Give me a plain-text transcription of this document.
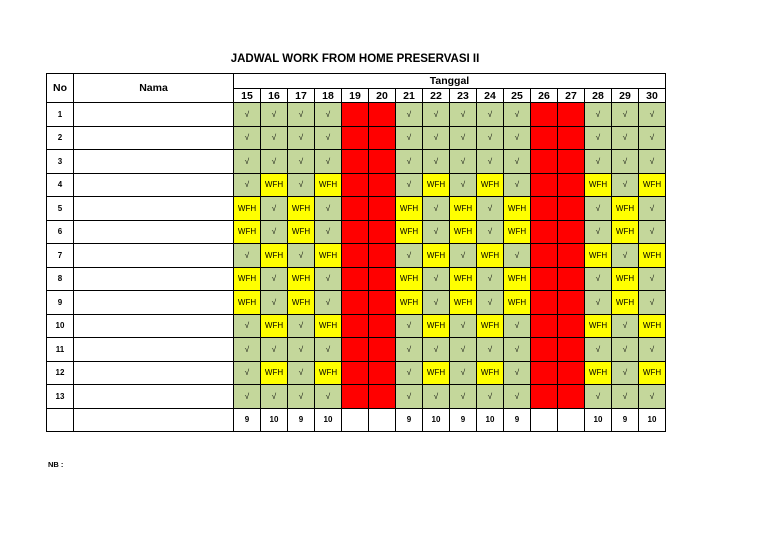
JADWAL WORK FROM HOME PRESERVASI II
No	Nama	Tanggal															
		15	16	17	18	19	20	21	22	23	24	25	26	27	28	29	30
1		√	√	√	√			√	√	√	√	√			√	√	√
2		√	√	√	√			√	√	√	√	√			√	√	√
3		√	√	√	√			√	√	√	√	√			√	√	√
4		√	WFH	√	WFH			√	WFH	√	WFH	√			WFH	√	WFH
5		WFH	√	WFH	√			WFH	√	WFH	√	WFH			√	WFH	√
6		WFH	√	WFH	√			WFH	√	WFH	√	WFH			√	WFH	√
7		√	WFH	√	WFH			√	WFH	√	WFH	√			WFH	√	WFH
8		WFH	√	WFH	√			WFH	√	WFH	√	WFH			√	WFH	√
9		WFH	√	WFH	√			WFH	√	WFH	√	WFH			√	WFH	√
10		√	WFH	√	WFH			√	WFH	√	WFH	√			WFH	√	WFH
11		√	√	√	√			√	√	√	√	√			√	√	√
12		√	WFH	√	WFH			√	WFH	√	WFH	√			WFH	√	WFH
13		√	√	√	√			√	√	√	√	√			√	√	√
		9	10	9	10			9	10	9	10	9			10	9	10
NB :
